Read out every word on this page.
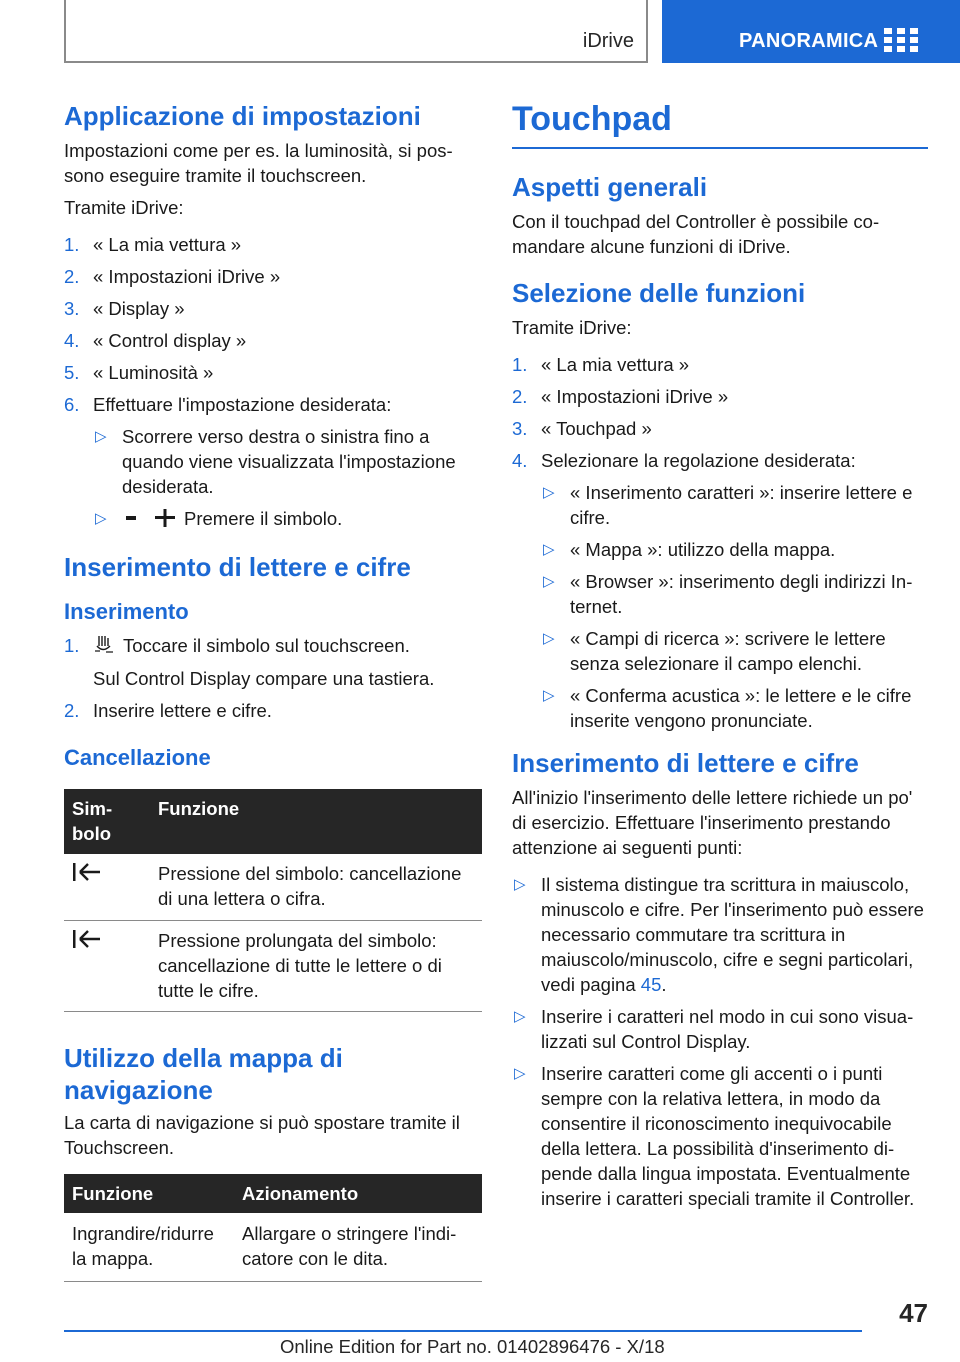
iDrive	PANORAMICA
Applicazione di impostazioni

Impostazioni come per es. la luminosità, si possono eseguire tramite il touchscreen.

Tramite iDrive:

1. « La mia vettura »
2. « Impostazioni iDrive »
3. « Display »
4. « Control display »
5. « Luminosità »
6. Effettuare l'impostazione desiderata:
▷ Scorrere verso destra o sinistra fino a quando viene visualizzata l'impostazione desiderata.
▷	Premere il simbolo.
Inserimento di lettere e cifre
Inserimento
1. Toccare il simbolo sul touchscreen.
Sul Control Display compare una tastiera.
2. Inserire lettere e cifre.
Cancellazione
Simbolo	Funzione
	Pressione del simbolo: cancellazione di una lettera o cifra.
	Pressione prolungata del simbolo: cancellazione di tutte le lettere o di tutte le cifre.
Utilizzo della mappa di navigazione

La carta di navigazione si può spostare tramite il Touchscreen.

Funzione	Azionamento
Ingrandire/ridurre la mappa.	Allargare o stringere l'indicatore con le dita.
Touchpad
Aspetti generali

Con il touchpad del Controller è possibile comandare alcune funzioni di iDrive.

Selezione delle funzioni

Tramite iDrive:

1. « La mia vettura »
2. « Impostazioni iDrive »
3. « Touchpad »
4. Selezionare la regolazione desiderata:
▷ « Inserimento caratteri »: inserire lettere e cifre.
▷ « Mappa »: utilizzo della mappa.
▷ « Browser »: inserimento degli indirizzi Internet.
▷ « Campi di ricerca »: scrivere le lettere senza selezionare il campo elenchi.
▷ « Conferma acustica »: le lettere e le cifre inserite vengono pronunciate.
Inserimento di lettere e cifre

All'inizio l'inserimento delle lettere richiede un po' di esercizio. Effettuare l'inserimento prestando attenzione ai seguenti punti:

▷ Il sistema distingue tra scrittura in maiuscolo, minuscolo e cifre. Per l'inserimento può essere necessario commutare tra scrittura in maiuscolo/minuscolo, cifre e segni particolari, vedi pagina 45.
▷ Inserire i caratteri nel modo in cui sono visualizzati sul Control Display.
▷ Inserire caratteri come gli accenti o i punti sempre con la relativa lettera, in modo da consentire il riconoscimento inequivocabile della lettera. La possibilità d'inserimento dipende dalla lingua impostata. Eventualmente inserire i caratteri speciali tramite il Controller.
47
Online Edition for Part no. 01402896476 - X/18
